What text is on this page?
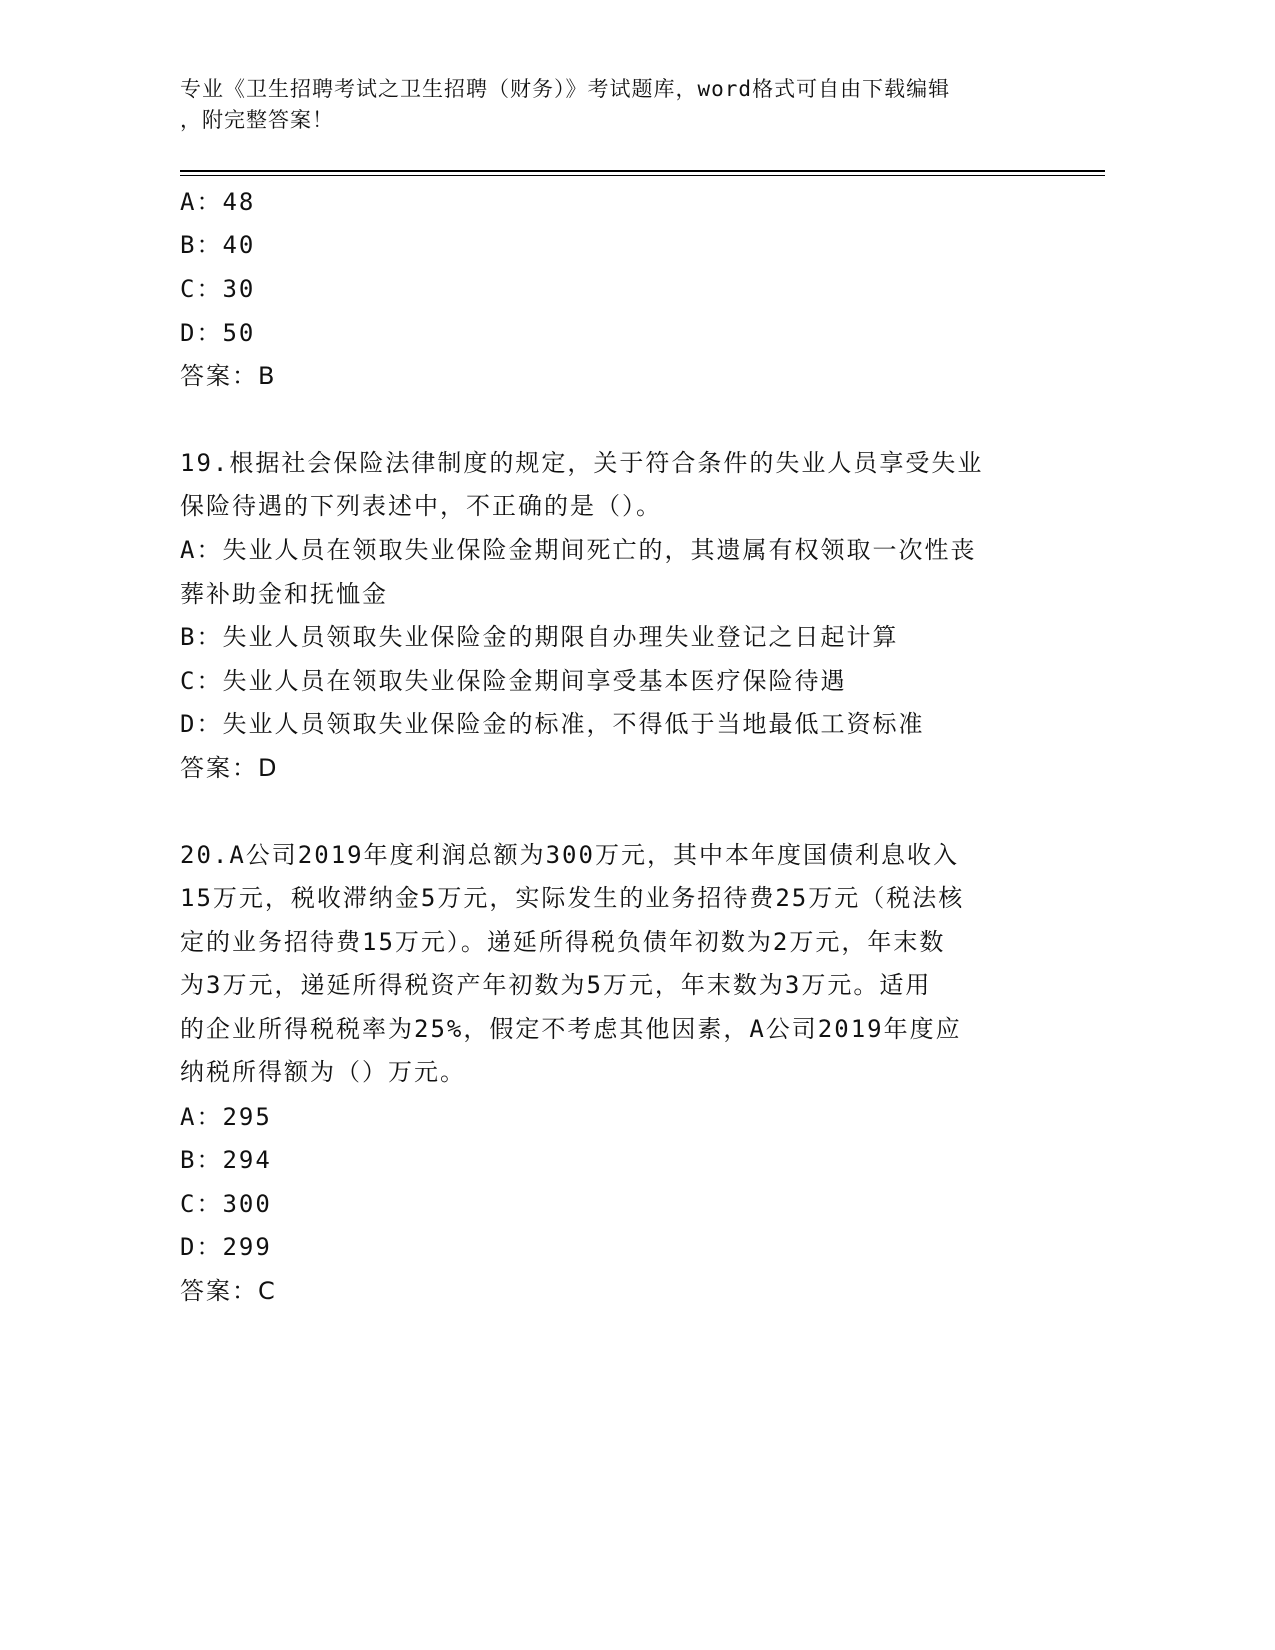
专业《卫生招聘考试之卫生招聘（财务）》考试题库，word格式可自由下载编辑
，附完整答案！
A：48
B：40
C：30
D：50
答案：B
19.根据社会保险法律制度的规定，关于符合条件的失业人员享受失业
保险待遇的下列表述中，不正确的是（）。
A：失业人员在领取失业保险金期间死亡的，其遗属有权领取一次性丧
葬补助金和抚恤金
B：失业人员领取失业保险金的期限自办理失业登记之日起计算
C：失业人员在领取失业保险金期间享受基本医疗保险待遇
D：失业人员领取失业保险金的标准，不得低于当地最低工资标准
答案：D
20.A公司2019年度利润总额为300万元，其中本年度国债利息收入
15万元，税收滞纳金5万元，实际发生的业务招待费25万元（税法核
定的业务招待费15万元）。递延所得税负债年初数为2万元，年末数
为3万元，递延所得税资产年初数为5万元，年末数为3万元。适用
的企业所得税税率为25%，假定不考虑其他因素，A公司2019年度应
纳税所得额为（）万元。
A：295
B：294
C：300
D：299
答案：C
